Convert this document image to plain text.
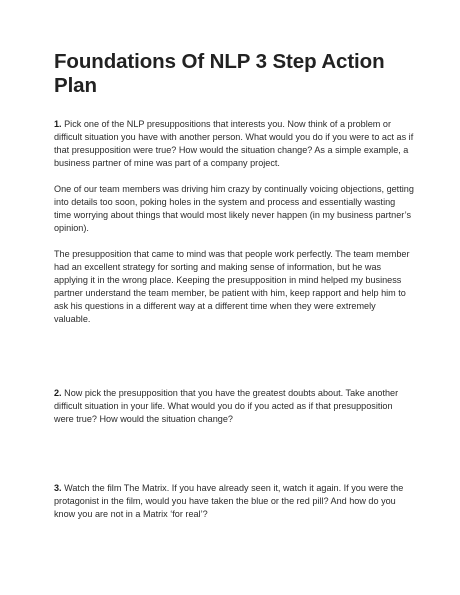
Foundations Of NLP 3 Step Action Plan

1. Pick one of the NLP presuppositions that interests you. Now think of a problem or difficult situation you have with another person. What would you do if you were to act as if that presupposition were true? How would the situation change? As a simple example, a business partner of mine was part of a company project.

One of our team members was driving him crazy by continually voicing objections, getting into details too soon, poking holes in the system and process and essentially wasting time worrying about things that would most likely never happen (in my business partner’s opinion).

The presupposition that came to mind was that people work perfectly. The team member had an excellent strategy for sorting and making sense of information, but he was applying it in the wrong place. Keeping the presupposition in mind helped my business partner understand the team member, be patient with him, keep rapport and help him to ask his questions in a different way at a different time when they were extremely valuable.

2. Now pick the presupposition that you have the greatest doubts about. Take another difficult situation in your life. What would you do if you acted as if that presupposition were true? How would the situation change?

3. Watch the film The Matrix. If you have already seen it, watch it again. If you were the protagonist in the film, would you have taken the blue or the red pill? And how do you know you are not in a Matrix ‘for real’?
